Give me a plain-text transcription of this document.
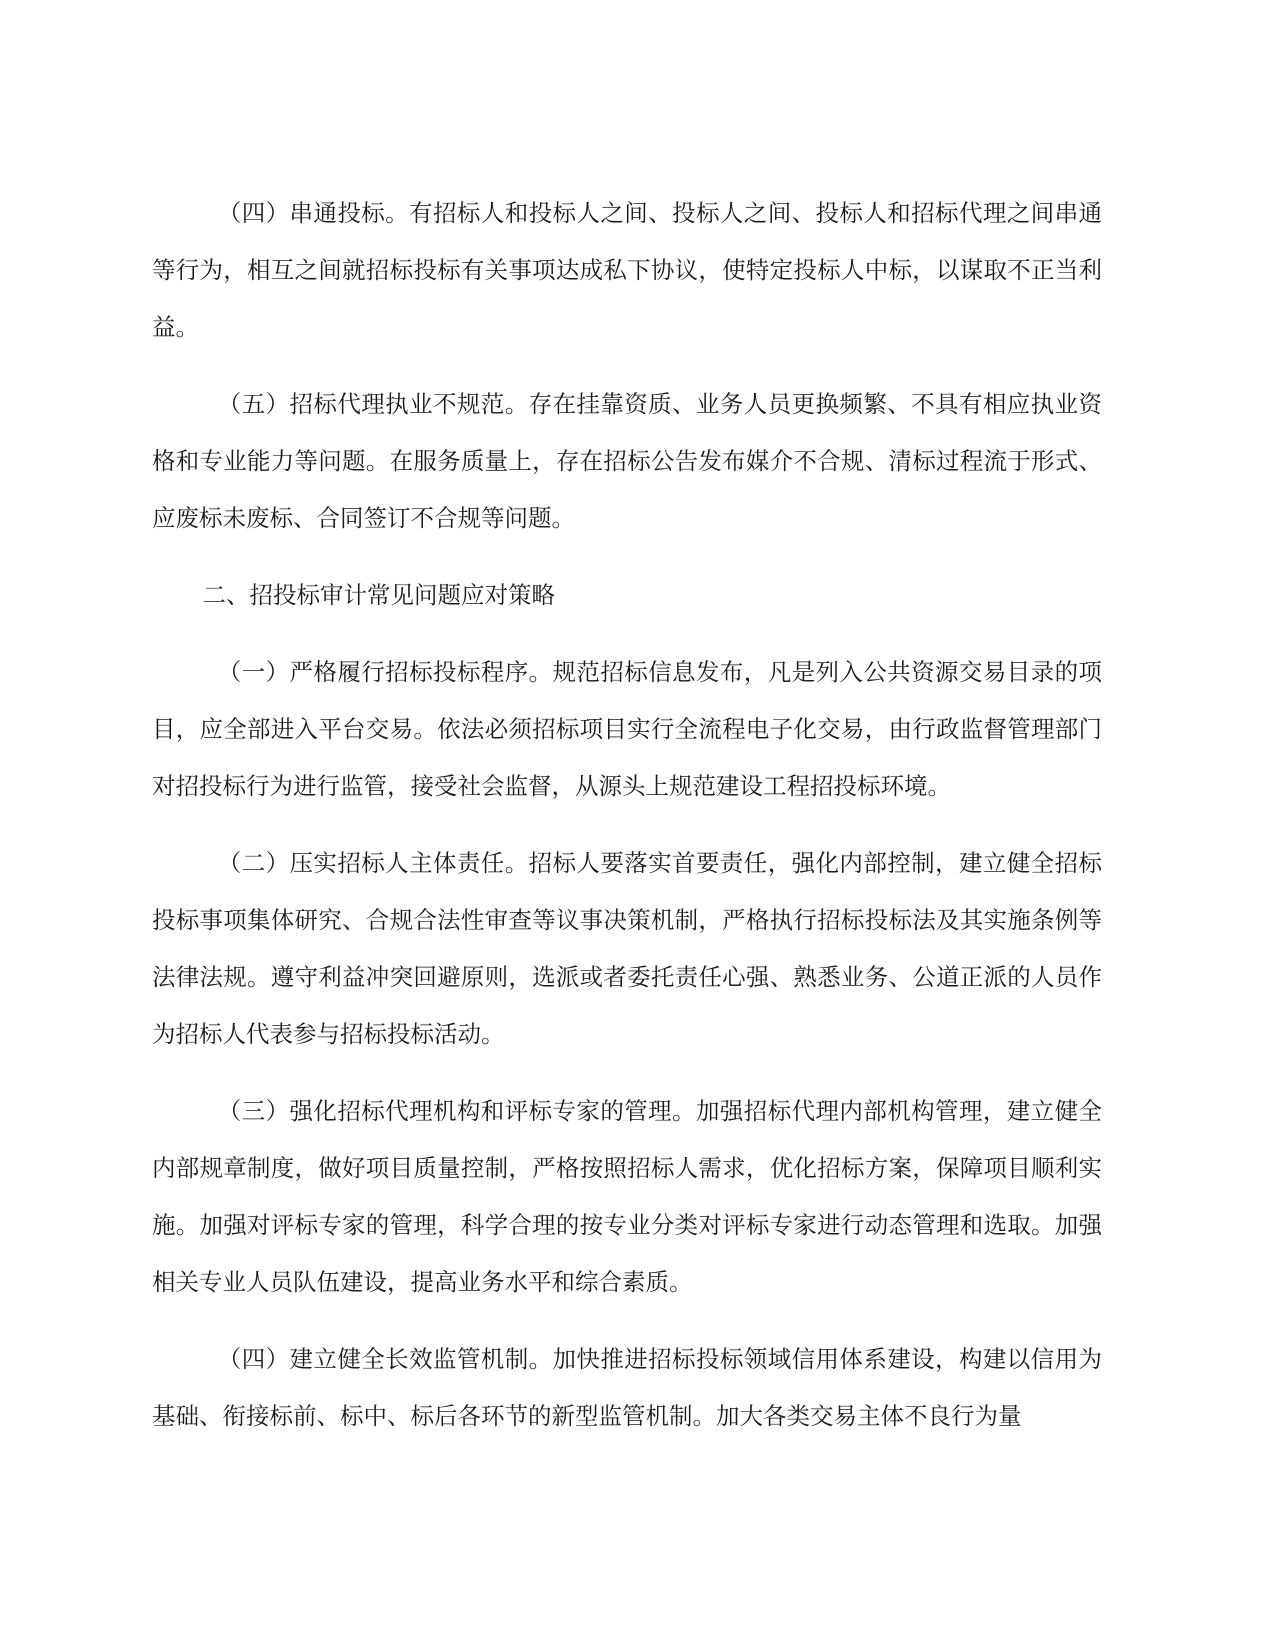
（四）串通投标。有招标人和投标人之间、投标人之间、投标人和招标代理之间串通等行为，相互之间就招标投标有关事项达成私下协议，使特定投标人中标，以谋取不正当利益。

（五）招标代理执业不规范。存在挂靠资质、业务人员更换频繁、不具有相应执业资格和专业能力等问题。在服务质量上，存在招标公告发布媒介不合规、清标过程流于形式、应废标未废标、合同签订不合规等问题。

二、招投标审计常见问题应对策略

（一）严格履行招标投标程序。规范招标信息发布，凡是列入公共资源交易目录的项目，应全部进入平台交易。依法必须招标项目实行全流程电子化交易，由行政监督管理部门对招投标行为进行监管，接受社会监督，从源头上规范建设工程招投标环境。

（二）压实招标人主体责任。招标人要落实首要责任，强化内部控制，建立健全招标投标事项集体研究、合规合法性审查等议事决策机制，严格执行招标投标法及其实施条例等法律法规。遵守利益冲突回避原则，选派或者委托责任心强、熟悉业务、公道正派的人员作为招标人代表参与招标投标活动。

（三）强化招标代理机构和评标专家的管理。加强招标代理内部机构管理，建立健全内部规章制度，做好项目质量控制，严格按照招标人需求，优化招标方案，保障项目顺利实施。加强对评标专家的管理，科学合理的按专业分类对评标专家进行动态管理和选取。加强相关专业人员队伍建设，提高业务水平和综合素质。

（四）建立健全长效监管机制。加快推进招标投标领域信用体系建设，构建以信用为基础、衔接标前、标中、标后各环节的新型监管机制。加大各类交易主体不良行为量
